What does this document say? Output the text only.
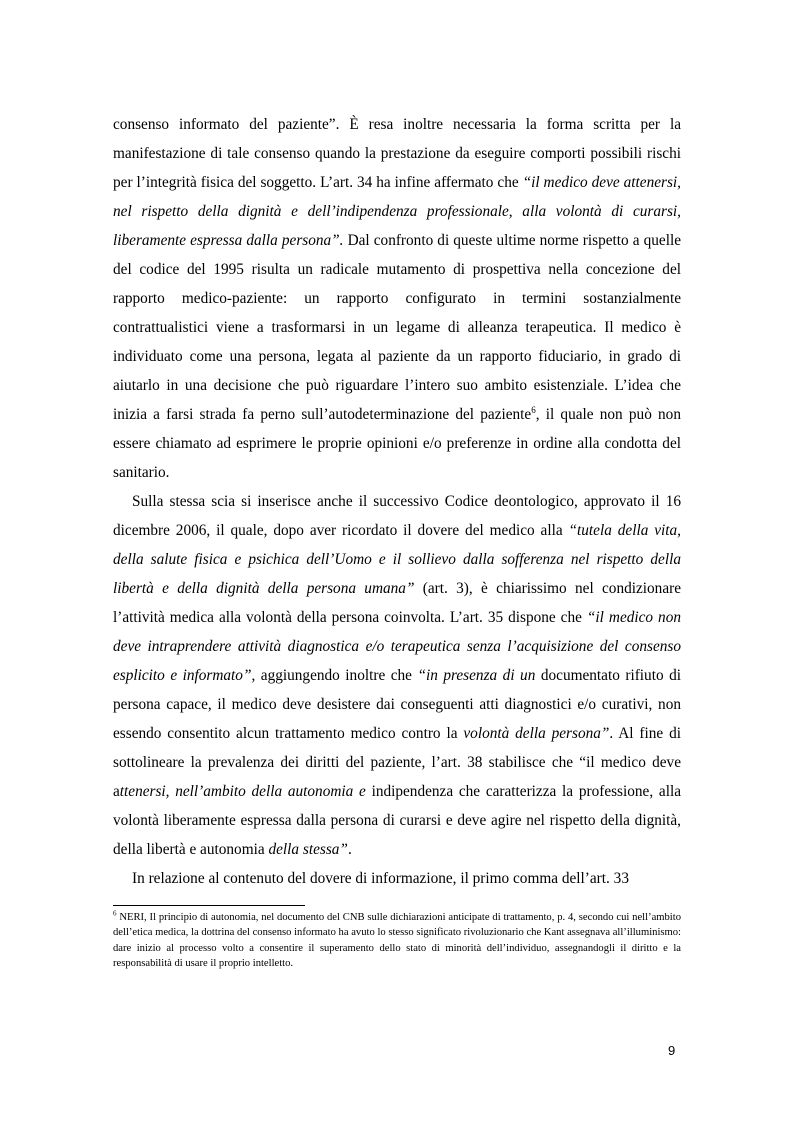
consenso informato del paziente”. È resa inoltre necessaria la forma scritta per la manifestazione di tale consenso quando la prestazione da eseguire comporti possibili rischi per l’integrità fisica del soggetto. L’art. 34 ha infine affermato che “il medico deve attenersi, nel rispetto della dignità e dell’indipendenza professionale, alla volontà di curarsi, liberamente espressa dalla persona”. Dal confronto di queste ultime norme rispetto a quelle del codice del 1995 risulta un radicale mutamento di prospettiva nella concezione del rapporto medico-paziente: un rapporto configurato in termini sostanzialmente contrattualistici viene a trasformarsi in un legame di alleanza terapeutica. Il medico è individuato come una persona, legata al paziente da un rapporto fiduciario, in grado di aiutarlo in una decisione che può riguardare l’intero suo ambito esistenziale. L’idea che inizia a farsi strada fa perno sull’autodeterminazione del paziente$^6$, il quale non può non essere chiamato ad esprimere le proprie opinioni e/o preferenze in ordine alla condotta del sanitario.

Sulla stessa scia si inserisce anche il successivo Codice deontologico, approvato il 16 dicembre 2006, il quale, dopo aver ricordato il dovere del medico alla “tutela della vita, della salute fisica e psichica dell’Uomo e il sollievo dalla sofferenza nel rispetto della libertà e della dignità della persona umana” (art. 3), è chiarissimo nel condizionare l’attività medica alla volontà della persona coinvolta. L’art. 35 dispone che “il medico non deve intraprendere attività diagnostica e/o terapeutica senza l’acquisizione del consenso esplicito e informato”, aggiungendo inoltre che “in presenza di un documentato rifiuto di persona capace, il medico deve desistere dai conseguenti atti diagnostici e/o curativi, non essendo consentito alcun trattamento medico contro la volontà della persona”. Al fine di sottolineare la prevalenza dei diritti del paziente, l’art. 38 stabilisce che “il medico deve attenersi, nell’ambito della autonomia e indipendenza che caratterizza la professione, alla volontà liberamente espressa dalla persona di curarsi e deve agire nel rispetto della dignità, della libertà e autonomia della stessa”.

In relazione al contenuto del dovere di informazione, il primo comma dell’art. 33

$^6$ NERI, Il principio di autonomia, nel documento del CNB sulle dichiarazioni anticipate di trattamento, p. 4, secondo cui nell’ambito dell’etica medica, la dottrina del consenso informato ha avuto lo stesso significato rivoluzionario che Kant assegnava all’illuminismo: dare inizio al processo volto a consentire il superamento dello stato di minorità dell’individuo, assegnandogli il diritto e la responsabilità di usare il proprio intelletto.
9
